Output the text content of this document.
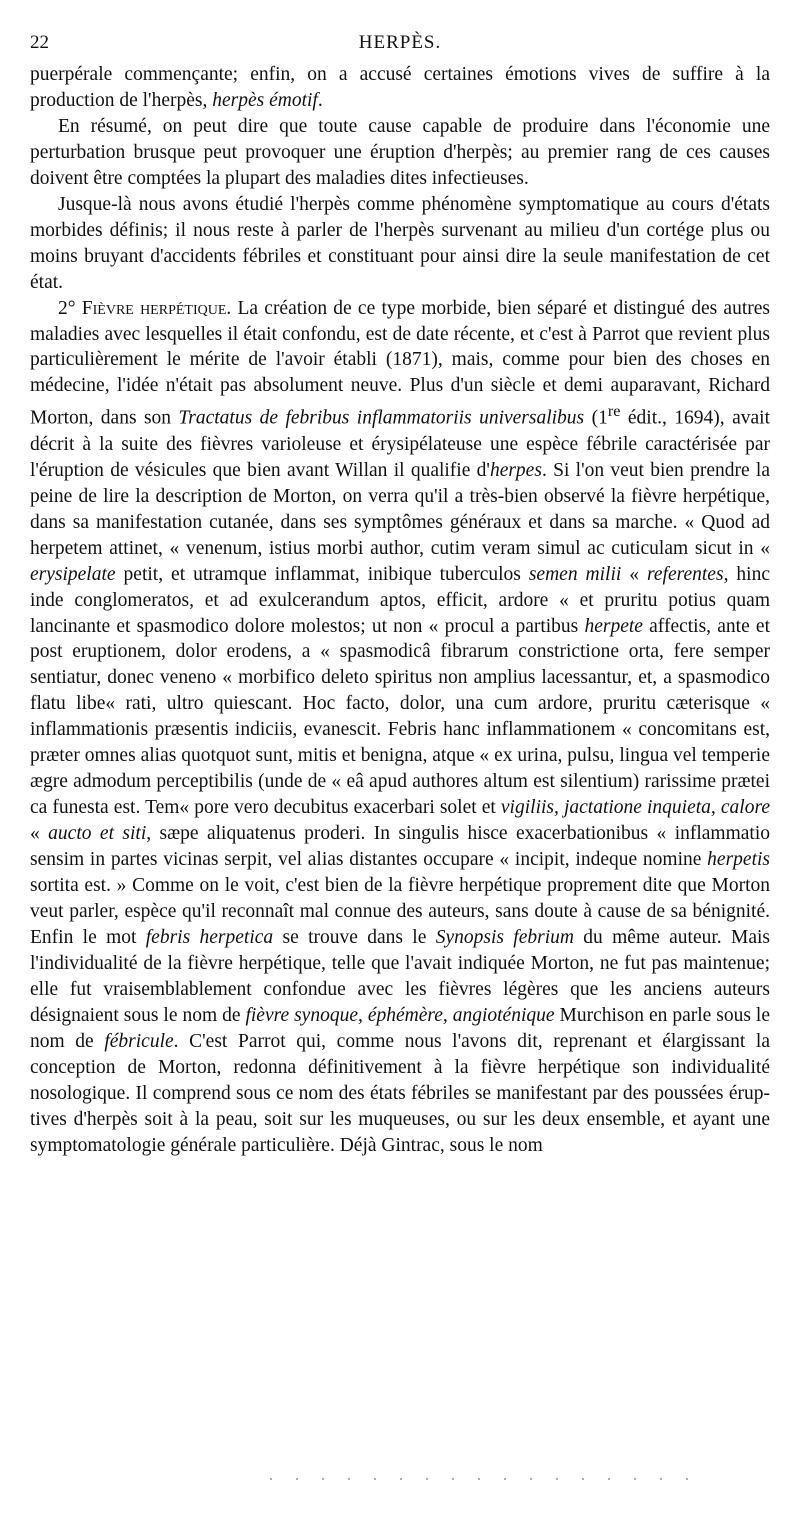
22	HERPÈS.

puerpérale commençante; enfin, on a accusé certaines émotions vives de suffire à la production de l'herpès, herpès émotif.

En résumé, on peut dire que toute cause capable de produire dans l'économie une perturbation brusque peut provoquer une éruption d'herpès; au premier rang de ces causes doivent être comptées la plupart des maladies dites infectieuses.

Jusque-là nous avons étudié l'herpès comme phénomène symptomatique au cours d'états morbides définis; il nous reste à parler de l'herpès survenant au milieu d'un cortége plus ou moins bruyant d'accidents fébriles et constituant pour ainsi dire la seule manifestation de cet état.

2° Fièvre herpétique. La création de ce type morbide, bien séparé et distingué des autres maladies avec lesquelles il était confondu, est de date récente, et c'est à Parrot que revient plus particulièrement le mérite de l'avoir établi (1871), mais, comme pour bien des choses en médecine, l'idée n'était pas absolument neuve. Plus d'un siècle et demi auparavant, Richard Morton, dans son Tractatus de febribus inflammatoriis universalibus (1re édit., 1694), avait décrit à la suite des fièvres varioleuse et érysipélateuse une espèce fébrile caractérisée par l'éruption de vésicules que bien avant Willan il qualifie d'herpes. Si l'on veut bien prendre la peine de lire la description de Morton, on verra qu'il a très-bien observé la fièvre herpétique, dans sa manifestation cutanée, dans ses symptômes généraux et dans sa marche. « Quod ad herpetem attinet, « venenum, istius morbi author, cutim veram simul ac cuticulam sicut in « erysipelate petit, et utramque inflammat, inibique tuberculos semen milii « referentes, hinc inde conglomeratos, et ad exulcerandum aptos, efficit, ardore « et pruritu potius quam lancinante et spasmodico dolore molestos; ut non « procul a partibus herpete affectis, ante et post eruptionem, dolor erodens, a « spasmodicâ fibrarum constrictione orta, fere semper sentiatur, donec veneno « morbifico deleto spiritus non amplius lacessantur, et, a spasmodico flatu libe« rati, ultro quiescant. Hoc facto, dolor, una cum ardore, pruritu cæterisque « inflammationis præsentis indiciis, evanescit. Febris hanc inflammationem « concomitans est, præter omnes alias quotquot sunt, mitis et benigna, atque « ex urina, pulsu, lingua vel temperie ægre admodum perceptibilis (unde de « eâ apud authores altum est silentium) rarissime prætei ca funesta est. Tem« pore vero decubitus exacerbari solet et vigiliis, jactatione inquieta, calore « aucto et siti, sæpe aliquatenus proderi. In singulis hisce exacerbationibus « inflammatio sensim in partes vicinas serpit, vel alias distantes occupare « incipit, indeque nomine herpetis sortita est. » Comme on le voit, c'est bien de la fièvre herpétique proprement dite que Morton veut parler, espèce qu'il reconnaît mal connue des auteurs, sans doute à cause de sa bénignité. Enfin le mot febris herpetica se trouve dans le Synopsis febrium du même auteur. Mais l'individualité de la fièvre herpétique, telle que l'avait indiquée Morton, ne fut pas maintenue; elle fut vraisemblablement confondue avec les fièvres légères que les anciens auteurs désignaient sous le nom de fièvre synoque, éphémère, angioténique Murchison en parle sous le nom de fébricule. C'est Parrot qui, comme nous l'avons dit, reprenant et élargissant la conception de Morton, redonna définitivement à la fièvre herpétique son individualité nosologique. Il comprend sous ce nom des états fébriles se manifestant par des poussées éruptives d'herpès soit à la peau, soit sur les muqueuses, ou sur les deux ensemble, et ayant une symptomatologie générale particulière. Déjà Gintrac, sous le nom
